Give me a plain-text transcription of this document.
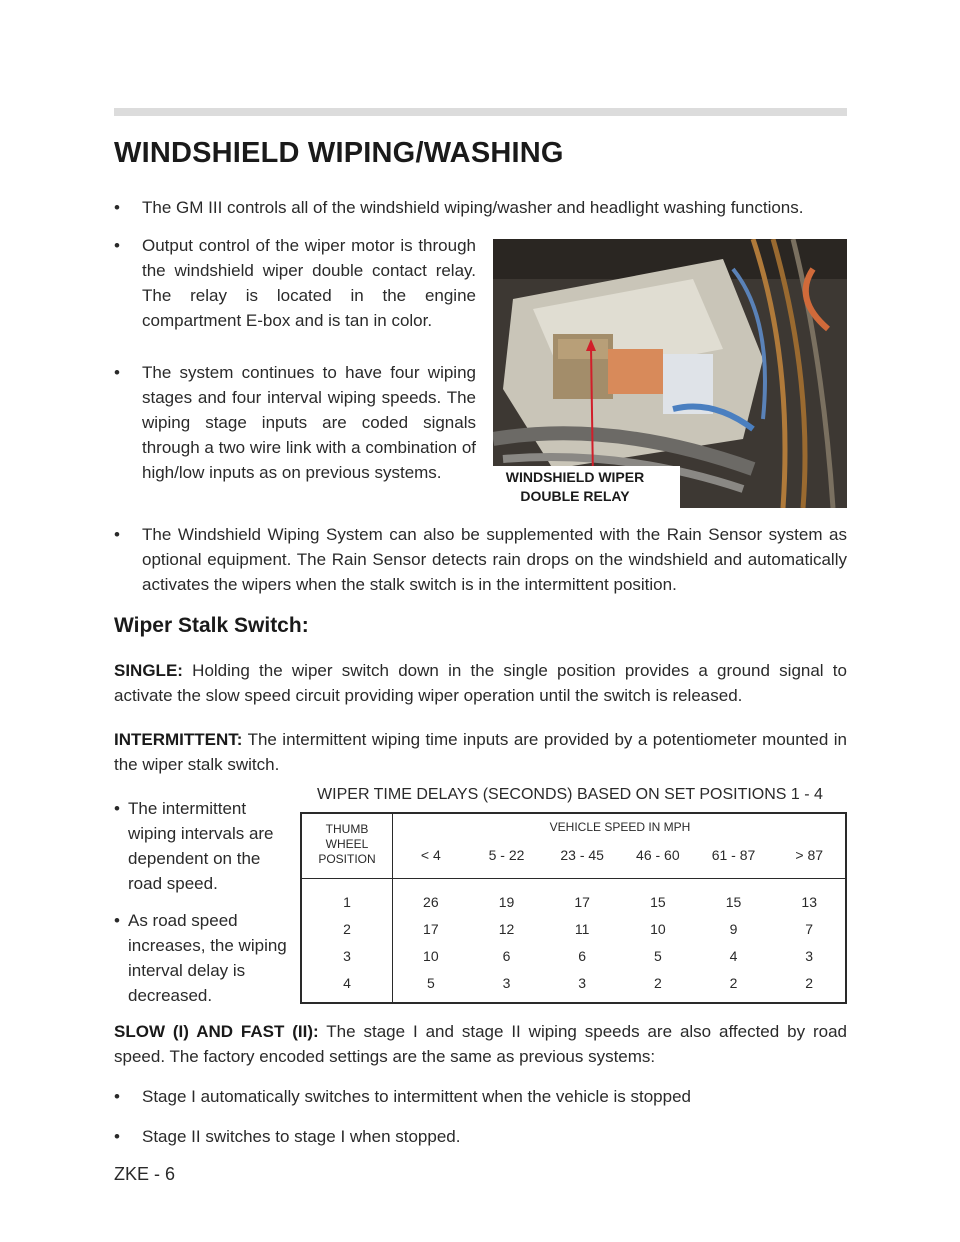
WINDSHIELD WIPING/WASHING
•	The GM III controls all of the windshield wiping/washer and headlight washing functions.
•	Output control of the wiper motor is through the windshield wiper double contact relay. The relay is located in the engine compartment E-box and is tan in color.
•	The system continues to have four wiping stages and four interval wiping speeds. The wiping stage inputs are coded signals through a two wire link with a combination of high/low inputs as on previous systems.	WINDSHIELD WIPER
DOUBLE RELAY
•	The Windshield Wiping System can also be supplemented with the Rain Sensor system as optional equipment. The Rain Sensor detects rain drops on the windshield and automatically activates the wipers when the stalk switch is in the intermittent position.
Wiper Stalk Switch:
SINGLE: Holding the wiper switch down in the single position provides a ground signal to activate the slow speed circuit providing wiper operation until the switch is released.
INTERMITTENT: The intermittent wiping time inputs are provided by a potentiometer mounted in the wiper stalk switch.
• The intermittent wiping intervals are dependent on the road speed.
• As road speed increases, the wiping interval delay is decreased.
WIPER TIME DELAYS (SECONDS) BASED ON SET POSITIONS 1 - 4
THUMB
WHEEL
POSITION
VEHICLE SPEED IN MPH
< 4	5 - 22	23 - 45	46 - 60	61 - 87	> 87
1	26	19	17	15	15	13
2	17	12	11	10	9	7
3	10	6	6	5	4	3
4	5	3	3	2	2	2
SLOW (I) AND FAST (II): The stage I and stage II wiping speeds are also affected by road speed. The factory encoded settings are the same as previous systems:
•	Stage I automatically switches to intermittent when the vehicle is stopped
•	Stage II switches to stage I when stopped.
ZKE - 6
